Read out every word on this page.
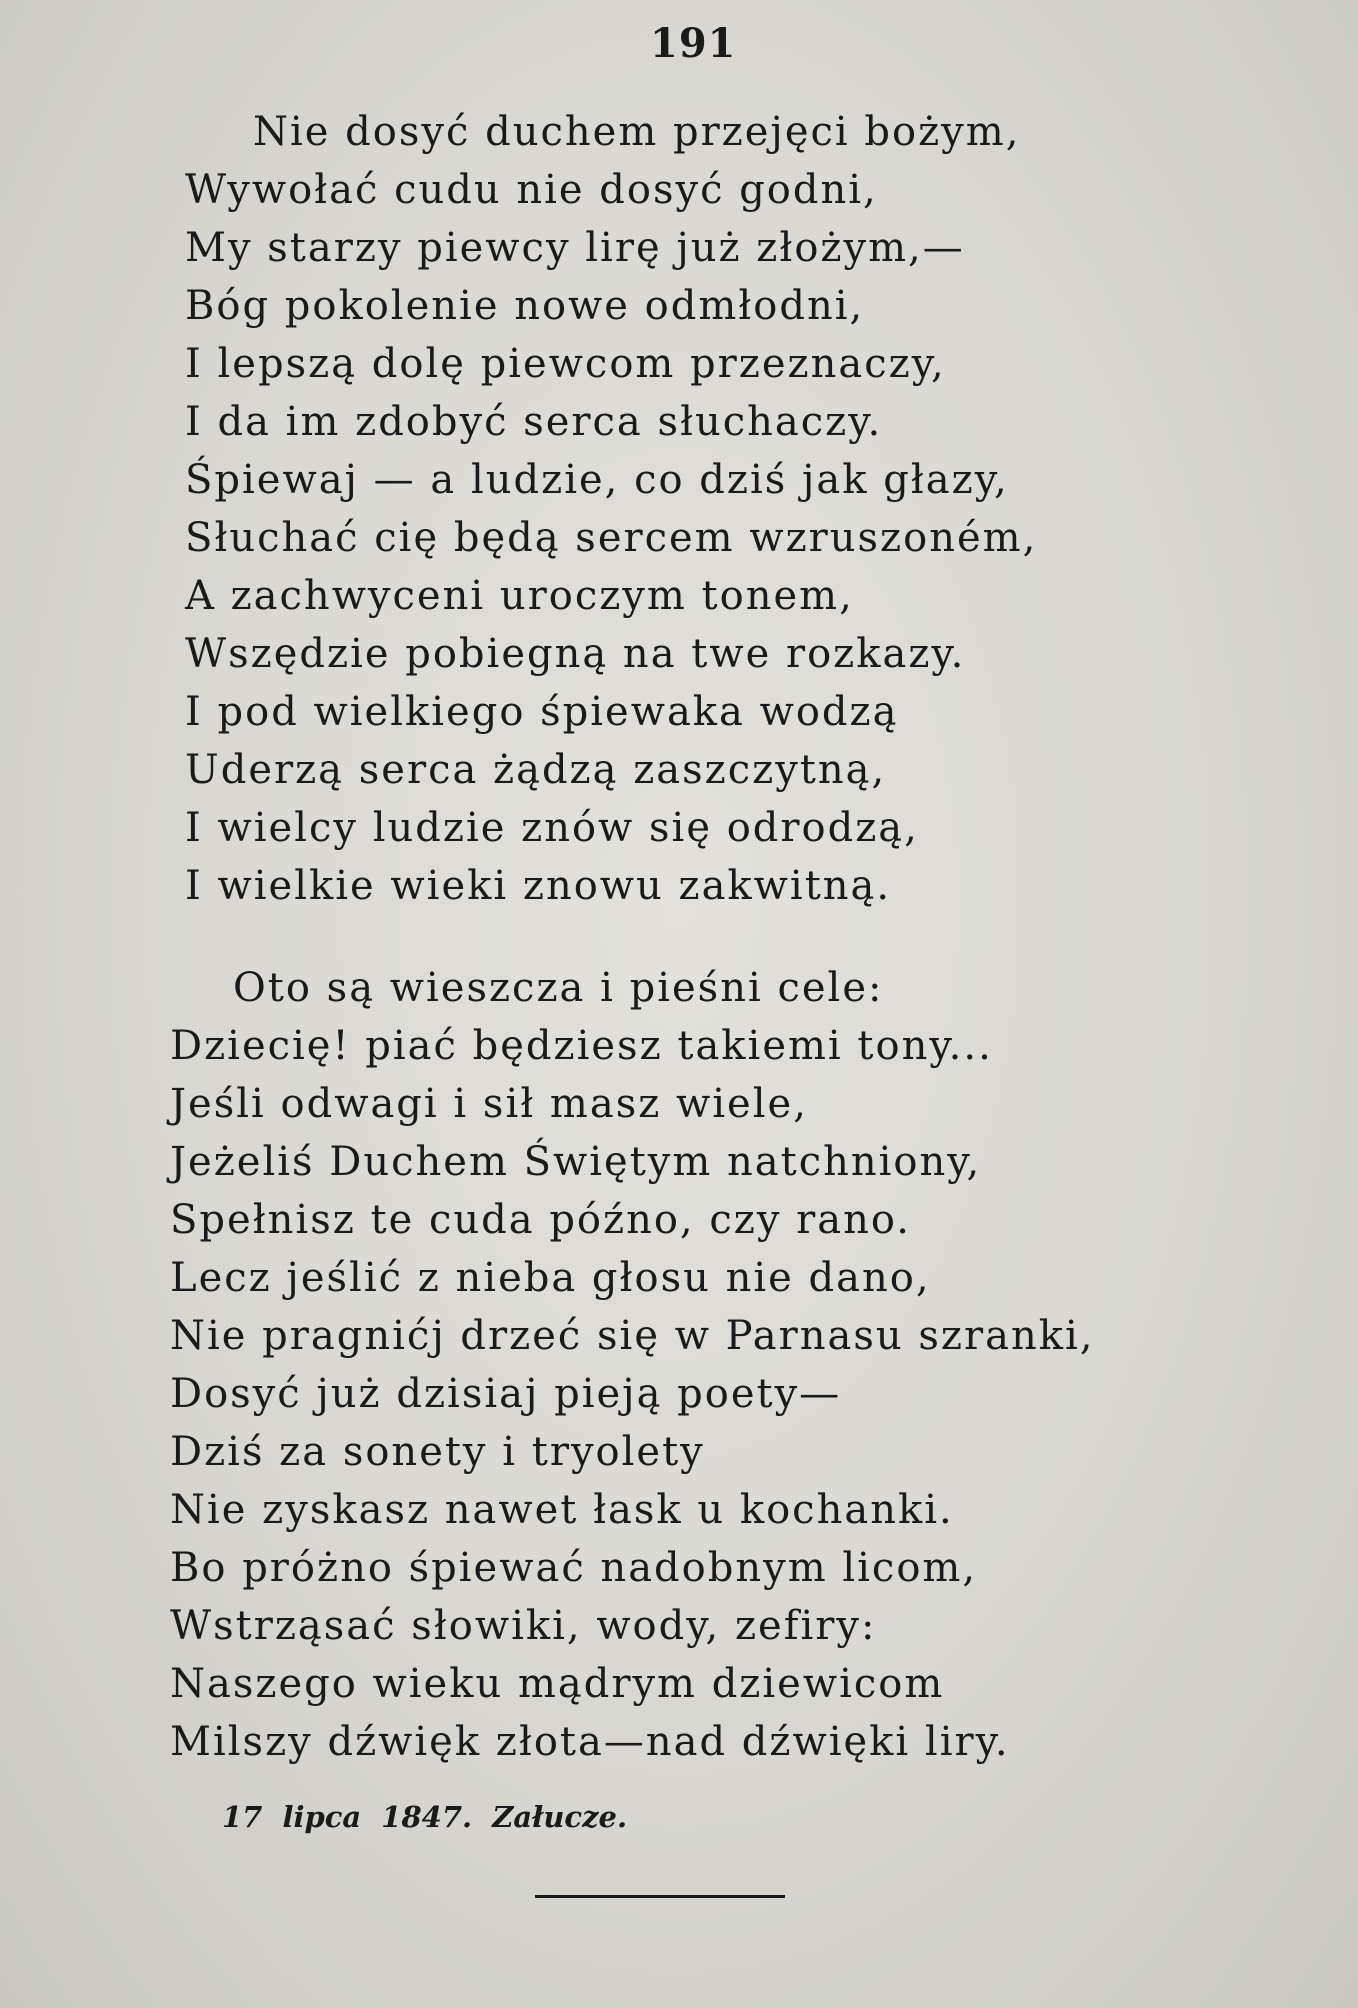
191
Nie dosyć duchem przejęci bożym,
Wywołać cudu nie dosyć godni,
My starzy piewcy lirę już złożym,—
Bóg pokolenie nowe odmłodni,
I lepszą dolę piewcom przeznaczy,
I da im zdobyć serca słuchaczy.
Śpiewaj — a ludzie, co dziś jak głazy,
Słuchać cię będą sercem wzruszoném,
A zachwyceni uroczym tonem,
Wszędzie pobiegną na twe rozkazy.
I pod wielkiego śpiewaka wodzą
Uderzą serca żądzą zaszczytną,
I wielcy ludzie znów się odrodzą,
I wielkie wieki znowu zakwitną.
Oto są wieszcza i pieśni cele:
Dziecię! piać będziesz takiemi tony...
Jeśli odwagi i sił masz wiele,
Jeżeliś Duchem Świętym natchniony,
Spełnisz te cuda późno, czy rano.
Lecz jeślić z nieba głosu nie dano,
Nie pragnićj drzeć się w Parnasu szranki,
Dosyć już dzisiaj pieją poety—
Dziś za sonety i tryolety
Nie zyskasz nawet łask u kochanki.
Bo próżno śpiewać nadobnym licom,
Wstrząsać słowiki, wody, zefiry:
Naszego wieku mądrym dziewicom
Milszy dźwięk złota—nad dźwięki liry.
17 lipca 1847. Załucze.
